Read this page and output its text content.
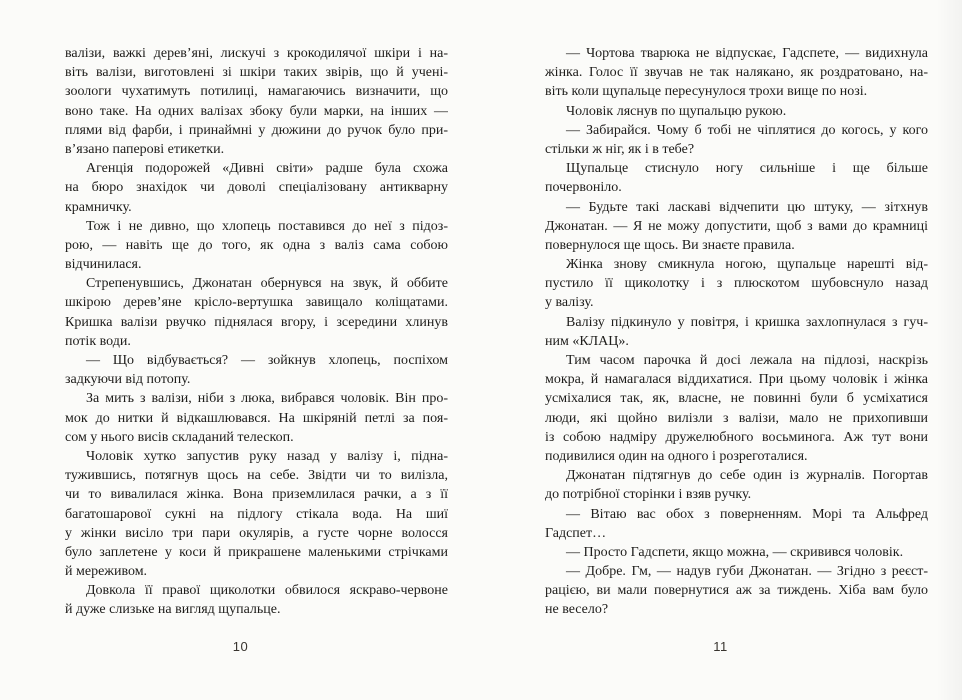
валізи, важкі дерев’яні, лискучі з крокодилячої шкіри і на-
віть валізи, виготовлені зі шкіри таких звірів, що й учені-
зоологи чухатимуть потилиці, намагаючись визначити, що
воно таке. На одних валізах збоку були марки, на інших —
плями від фарби, і принаймні у дюжини до ручок було при-
в’язано паперові етикетки.
Агенція подорожей «Дивні світи» радше була схожа
на бюро знахідок чи доволі спеціалізовану антикварну
крамничку.
Тож і не дивно, що хлопець поставився до неї з підоз-
рою, — навіть ще до того, як одна з валіз сама собою
відчинилася.
Стрепенувшись, Джонатан обернувся на звук, й оббите
шкірою дерев’яне крісло-вертушка завищало коліщатами.
Кришка валізи рвучко піднялася вгору, і зсередини хлинув
потік води.
— Що відбувається? — зойкнув хлопець, поспіхом
задкуючи від потопу.
За мить з валізи, ніби з люка, вибрався чоловік. Він про-
мок до нитки й відкашлювався. На шкіряній петлі за поя-
сом у нього висів складаний телескоп.
Чоловік хутко запустив руку назад у валізу і, підна-
тужившись, потягнув щось на себе. Звідти чи то вилізла,
чи то вивалилася жінка. Вона приземлилася рачки, а з її
багатошарової сукні на підлогу стікала вода. На шиї
у жінки висіло три пари окулярів, а густе чорне волосся
було заплетене у коси й прикрашене маленькими стрічками
й мереживом.
Довкола її правої щиколотки обвилося яскраво-червоне
й дуже слизьке на вигляд щупальце.
10
— Чортова тварюка не відпускає, Гадспете, — видихнула
жінка. Голос її звучав не так налякано, як роздратовано, на-
віть коли щупальце пересунулося трохи вище по нозі.
Чоловік ляснув по щупальцю рукою.
— Забирайся. Чому б тобі не чіплятися до когось, у кого
стільки ж ніг, як і в тебе?
Щупальце стиснуло ногу сильніше і ще більше
почервоніло.
— Будьте такі ласкаві відчепити цю штуку, — зітхнув
Джонатан. — Я не можу допустити, щоб з вами до крамниці
повернулося ще щось. Ви знаєте правила.
Жінка знову смикнула ногою, щупальце нарешті від-
пустило її щиколотку і з плюскотом шубовснуло назад
у валізу.
Валізу підкинуло у повітря, і кришка захлопнулася з гуч-
ним «КЛАЦ».
Тим часом парочка й досі лежала на підлозі, наскрізь
мокра, й намагалася віддихатися. При цьому чоловік і жінка
усміхалися так, як, власне, не повинні були б усміхатися
люди, які щойно вилізли з валізи, мало не прихопивши
із собою надміру дружелюбного восьминога. Аж тут вони
подивилися один на одного і розреготалися.
Джонатан підтягнув до себе один із журналів. Погортав
до потрібної сторінки і взяв ручку.
— Вітаю вас обох з поверненням. Морі та Альфред
Гадспет…
— Просто Гадспети, якщо можна, — скривився чоловік.
— Добре. Гм, — надув губи Джонатан. — Згідно з реєст-
рацією, ви мали повернутися аж за тиждень. Хіба вам було
не весело?
11
